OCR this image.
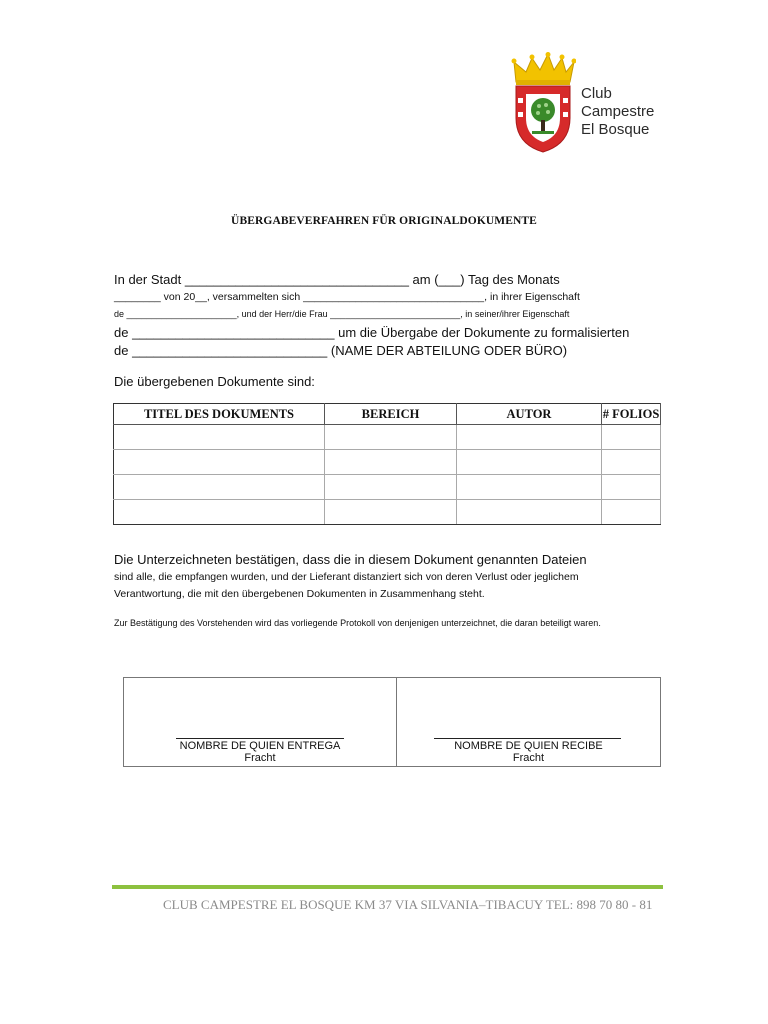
Club
Campestre
El Bosque
ÜBERGABEVERFAHREN FÜR ORIGINALDOKUMENTE
In der Stadt _______________________________ am (___) Tag des Monats
________ von 20__, versammelten sich _______________________________, in ihrer Eigenschaft
de ______________________, und der Herr/die Frau __________________________, in seiner/ihrer Eigenschaft
de ____________________________ um die Übergabe der Dokumente zu formalisierten
de ___________________________ (NAME DER ABTEILUNG ODER BÜRO)
Die übergebenen Dokumente sind:
TITEL DES DOKUMENTS	BEREICH	AUTOR	# FOLIOS

Die Unterzeichneten bestätigen, dass die in diesem Dokument genannten Dateien
sind alle, die empfangen wurden, und der Lieferant distanziert sich von deren Verlust oder jeglichem
Verantwortung, die mit den übergebenen Dokumenten in Zusammenhang steht.
Zur Bestätigung des Vorstehenden wird das vorliegende Protokoll von denjenigen unterzeichnet, die daran beteiligt waren.
NOMBRE DE QUIEN ENTREGA
Fracht
NOMBRE DE QUIEN RECIBE
Fracht
CLUB CAMPESTRE EL BOSQUE KM 37 VIA SILVANIA–TIBACUY TEL: 898 70 80 - 81
